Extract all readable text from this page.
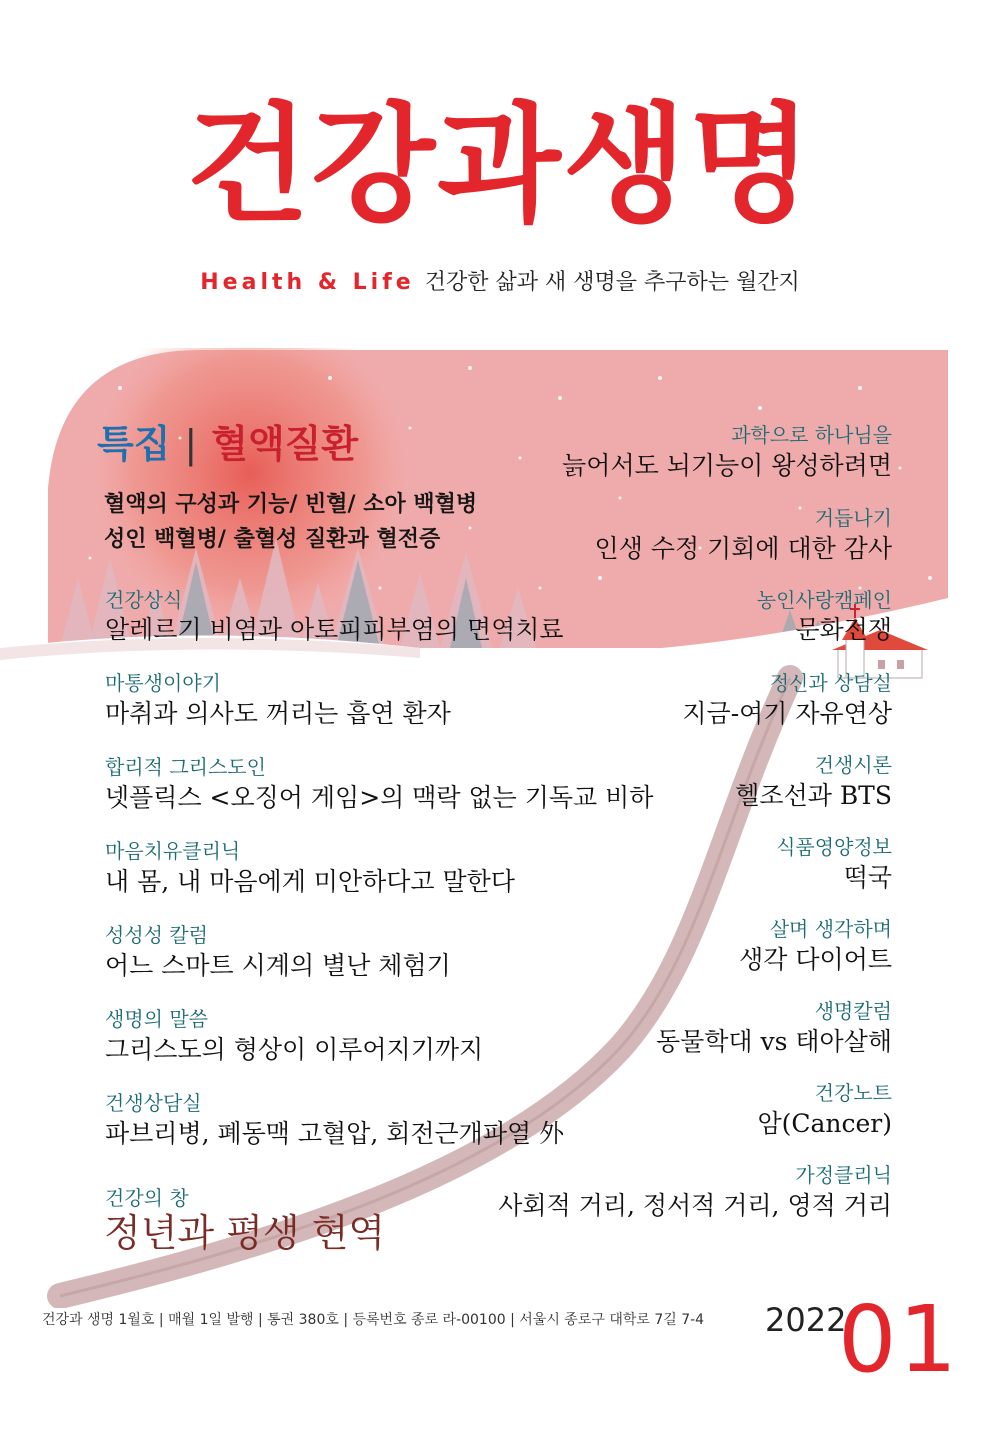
건강과생명
Health & Life 건강한 삶과 새 생명을 추구하는 월간지
특집 | 혈액질환
혈액의 구성과 기능/ 빈혈/ 소아 백혈병
성인 백혈병/ 출혈성 질환과 혈전증
건강상식
알레르기 비염과 아토피피부염의 면역치료
마통생이야기
마취과 의사도 꺼리는 흡연 환자
합리적 그리스도인
넷플릭스 <오징어 게임>의 맥락 없는 기독교 비하
마음치유클리닉
내 몸, 내 마음에게 미안하다고 말한다
성성성 칼럼
어느 스마트 시계의 별난 체험기
생명의 말씀
그리스도의 형상이 이루어지기까지
건생상담실
파브리병, 폐동맥 고혈압, 회전근개파열 外
건강의 창
정년과 평생 현역
과학으로 하나님을
늙어서도 뇌기능이 왕성하려면
거듭나기
인생 수정 기회에 대한 감사
농인사랑캠페인
문화전쟁
정신과 상담실
지금-여기 자유연상
건생시론
헬조선과 BTS
식품영양정보
떡국
살며 생각하며
생각 다이어트
생명칼럼
동물학대 vs 태아살해
건강노트
암(Cancer)
가정클리닉
사회적 거리, 정서적 거리, 영적 거리
건강과 생명 1월호 | 매월 1일 발행 | 통권 380호 | 등록번호 종로 라-00100 | 서울시 종로구 대학로 7길 7-4 2022
01
